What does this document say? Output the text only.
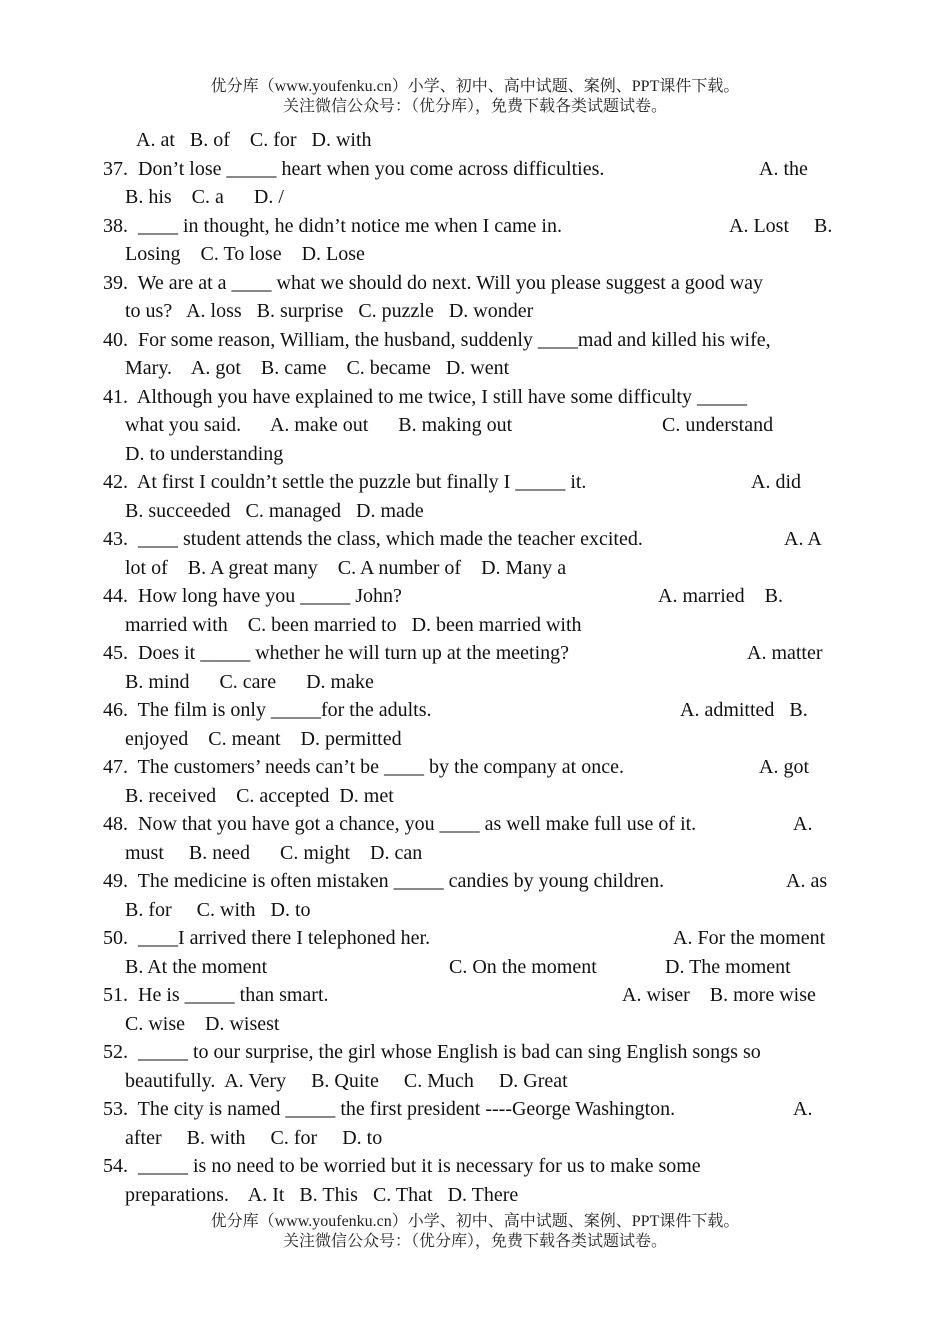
优分库（www.youfenku.cn）小学、初中、高中试题、案例、PPT课件下载。
关注微信公众号：（优分库），免费下载各类试题试卷。
A. at   B. of    C. for   D. with
37.  Don’t lose _____ heart when you come across difficulties.	A. the
B. his    C. a      D. /
38.  ____ in thought, he didn’t notice me when I came in.	A. Lost     B.
Losing    C. To lose    D. Lose
39.  We are at a ____ what we should do next. Will you please suggest a good way
to us?   A. loss   B. surprise   C. puzzle   D. wonder
40.  For some reason, William, the husband, suddenly ____mad and killed his wife,
Mary.    A. got    B. came    C. became   D. went
41.  Although you have explained to me twice, I still have some difficulty _____
what you said.      A. make out      B. making out	C. understand
D. to understanding
42.  At first I couldn’t settle the puzzle but finally I _____ it.	A. did
B. succeeded   C. managed   D. made
43.  ____ student attends the class, which made the teacher excited.	A. A
lot of    B. A great many    C. A number of    D. Many a
44.  How long have you _____ John?	A. married    B.
married with    C. been married to   D. been married with
45.  Does it _____ whether he will turn up at the meeting?	A. matter
B. mind      C. care      D. make
46.  The film is only _____for the adults.	A. admitted   B.
enjoyed    C. meant    D. permitted
47.  The customers’ needs can’t be ____ by the company at once.	A. got
B. received    C. accepted  D. met
48.  Now that you have got a chance, you ____ as well make full use of it.	A.
must     B. need      C. might    D. can
49.  The medicine is often mistaken _____ candies by young children.	A. as
B. for     C. with   D. to
50.  ____I arrived there I telephoned her.	A. For the moment
B. At the moment	C. On the moment	D. The moment
51.  He is _____ than smart.	A. wiser    B. more wise
C. wise    D. wisest
52.  _____ to our surprise, the girl whose English is bad can sing English songs so
beautifully.  A. Very     B. Quite     C. Much     D. Great
53.  The city is named _____ the first president ----George Washington.	A.
after     B. with     C. for     D. to
54.  _____ is no need to be worried but it is necessary for us to make some
preparations.    A. It   B. This   C. That   D. There
优分库（www.youfenku.cn）小学、初中、高中试题、案例、PPT课件下载。
关注微信公众号：（优分库），免费下载各类试题试卷。
